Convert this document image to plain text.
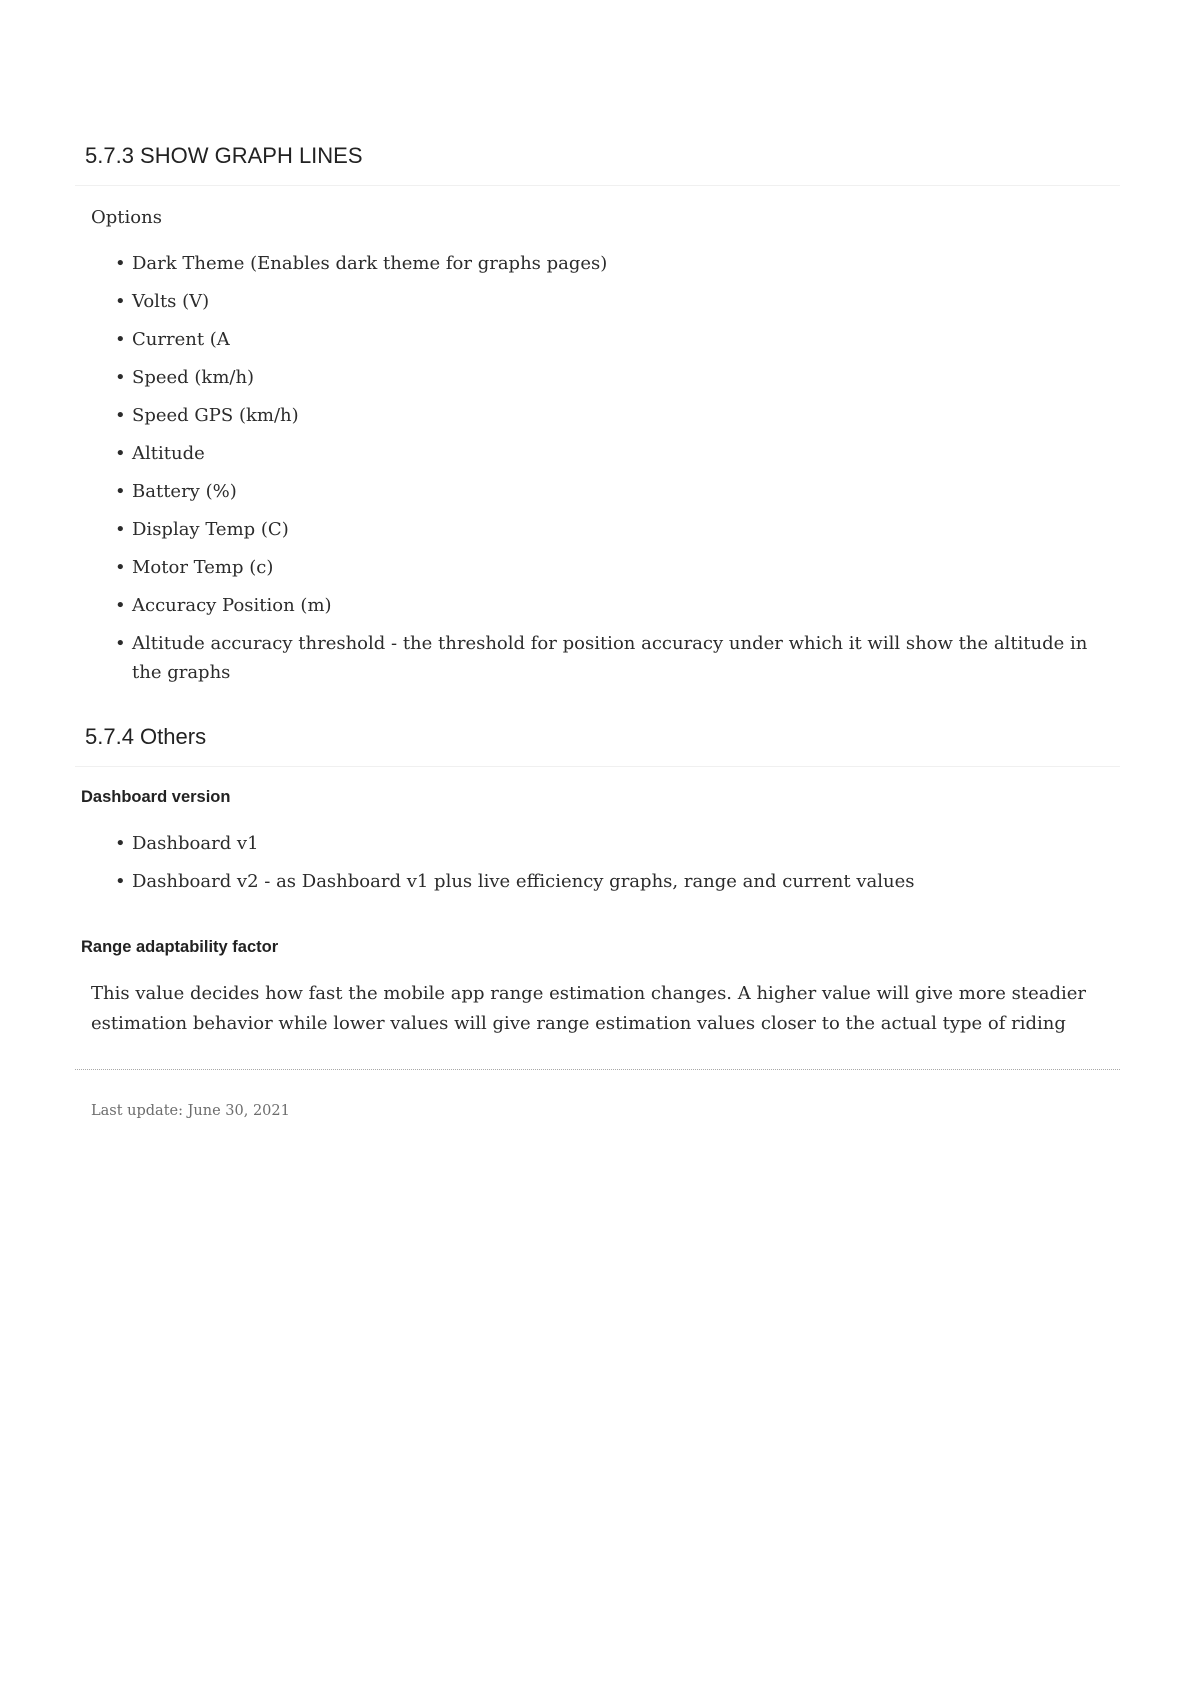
5.7.3 SHOW GRAPH LINES

Options

• Dark Theme (Enables dark theme for graphs pages)
• Volts (V)
• Current (A
• Speed (km/h)
• Speed GPS (km/h)
• Altitude
• Battery (%)
• Display Temp (C)
• Motor Temp (c)
• Accuracy Position (m)
• Altitude accuracy threshold - the threshold for position accuracy under which it will show the altitude in the graphs
5.7.4 Others
Dashboard version
• Dashboard v1
• Dashboard v2 - as Dashboard v1 plus live efficiency graphs, range and current values
Range adaptability factor

This value decides how fast the mobile app range estimation changes. A higher value will give more steadier estimation behavior while lower values will give range estimation values closer to the actual type of riding

Last update: June 30, 2021
